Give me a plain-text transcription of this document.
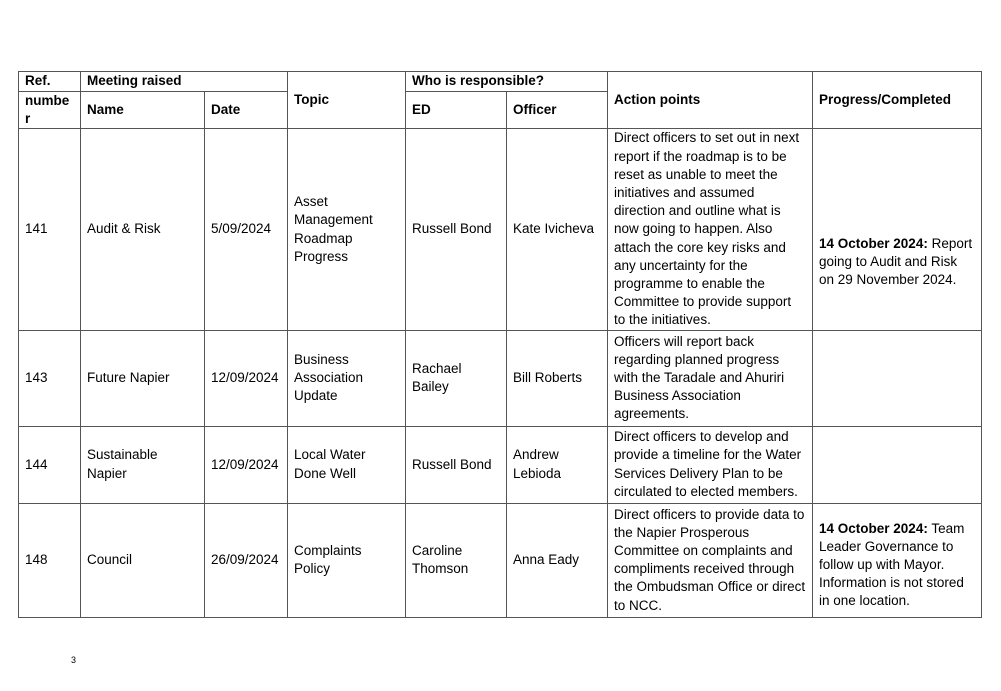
Ref.	Meeting raised		Topic	Who is responsible?		Action points	Progress/Completed
number	Name	Date		ED	Officer		
141	Audit & Risk	5/09/2024	Asset Management Roadmap Progress	Russell Bond	Kate Ivicheva	Direct officers to set out in next report if the roadmap is to be reset as unable to meet the initiatives and assumed direction and outline what is now going to happen. Also attach the core key risks and any uncertainty for the programme to enable the Committee to provide support to the initiatives.	14 October 2024: Report going to Audit and Risk on 29 November 2024.

143	Future Napier	12/09/2024	Business Association Update	Rachael Bailey	Bill Roberts	Officers will report back regarding planned progress with the Taradale and Ahuriri Business Association agreements.	
144	Sustainable Napier	12/09/2024	Local Water Done Well	Russell Bond	Andrew Lebioda	Direct officers to develop and provide a timeline for the Water Services Delivery Plan to be circulated to elected members.	
148	Council	26/09/2024	Complaints Policy	Caroline Thomson	Anna Eady	Direct officers to provide data to the Napier Prosperous Committee on complaints and compliments received through the Ombudsman Office or direct to NCC.	14 October 2024: Team Leader Governance to follow up with Mayor. Information is not stored in one location.
3
